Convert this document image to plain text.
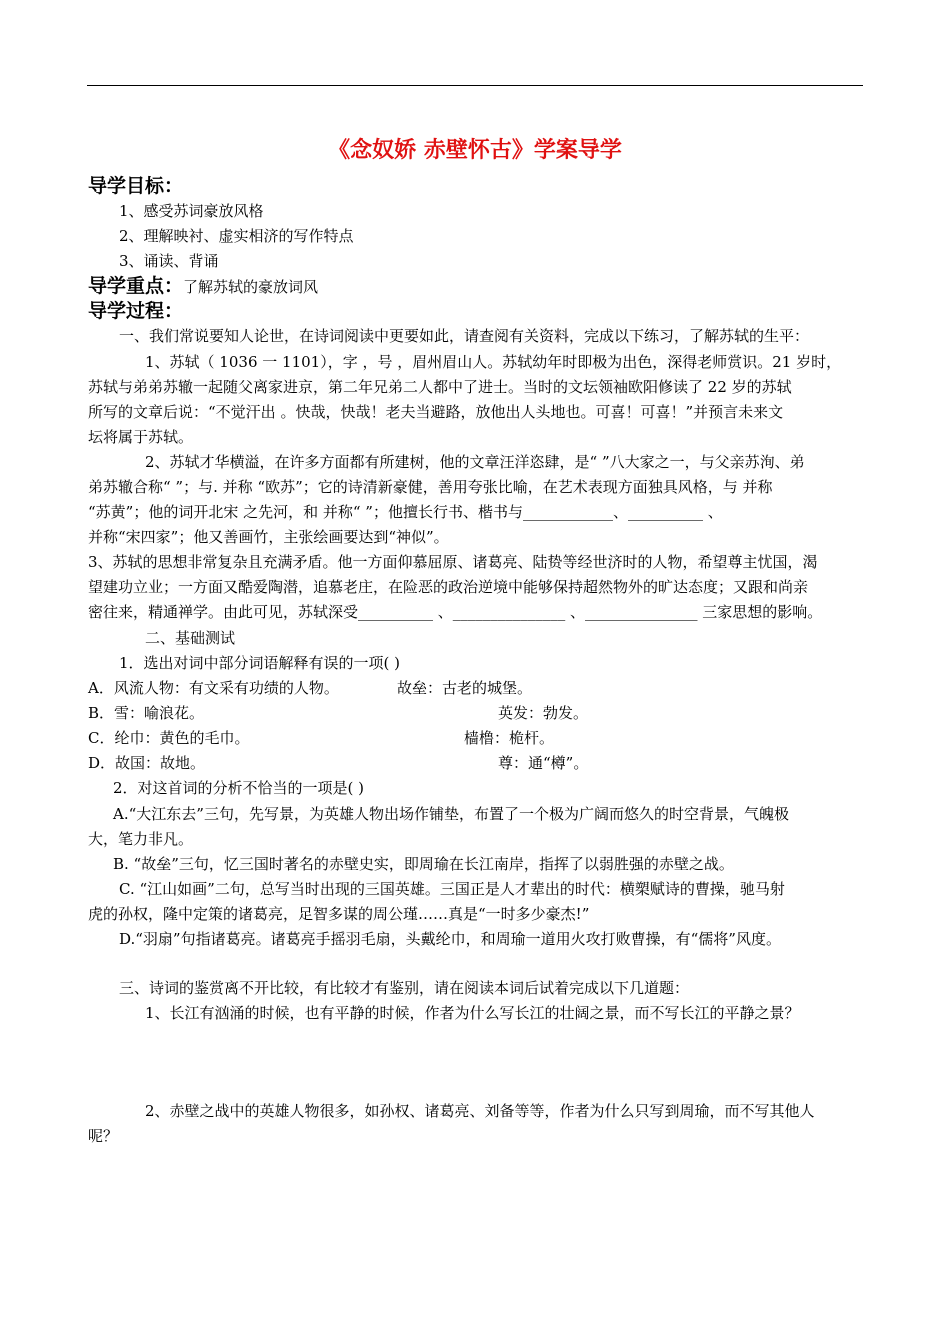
《念奴娇 赤壁怀古》学案导学
导学目标：
1、感受苏词豪放风格
2、理解映衬、虚实相济的写作特点
3、诵读、背诵
导学重点：了解苏轼的豪放词风
导学过程：
一、我们常说要知人论世，在诗词阅读中更要如此，请查阅有关资料，完成以下练习，了解苏轼的生平：
1、苏轼（ 1036 一 1101），字 ，号 ，眉州眉山人。苏轼幼年时即极为出色，深得老师赏识。21 岁时，
苏轼与弟弟苏辙一起随父离家进京，第二年兄弟二人都中了进士。当时的文坛领袖欧阳修读了 22 岁的苏轼
所写的文章后说：“不觉汗出 。快哉，快哉！老夫当避路，放他出人头地也。可喜！可喜！”并预言未来文
坛将属于苏轼。
2、苏轼才华横溢，在许多方面都有所建树，他的文章汪洋恣肆，是“ ”八大家之一，与父亲苏洵、弟
弟苏辙合称“ ”；与. 并称 “欧苏”；它的诗清新豪健，善用夸张比喻，在艺术表现方面独具风格，与 并称
“苏黄”；他的词开北宋 之先河，和 并称“ ”；他擅长行书、楷书与____________、__________ 、
并称“宋四家”；他又善画竹，主张绘画要达到“神似”。
3、苏轼的思想非常复杂且充满矛盾。他一方面仰慕屈原、诸葛亮、陆贽等经世济时的人物，希望尊主忧国，渴
望建功立业；一方面又酷爱陶潜，追慕老庄，在险恶的政治逆境中能够保持超然物外的旷达态度；又跟和尚亲
密往来，精通禅学。由此可见，苏轼深受__________ 、_______________ 、_______________ 三家思想的影响。
二、基础测试
1．选出对词中部分词语解释有误的一项( )
A．风流人物：有文采有功绩的人物。	故垒：古老的城堡。
B．雪：喻浪花。	英发：勃发。
C．纶巾：黄色的毛巾。	樯橹：桅杆。
D．故国：故地。	尊：通“樽”。
2．对这首词的分析不恰当的一项是( )
A.“大江东去”三句，先写景，为英雄人物出场作铺垫，布置了一个极为广阔而悠久的时空背景，气魄极
大，笔力非凡。
B. “故垒”三句，忆三国时著名的赤壁史实，即周瑜在长江南岸，指挥了以弱胜强的赤壁之战。
C. “江山如画”二句，总写当时出现的三国英雄。三国正是人才辈出的时代：横槊赋诗的曹操，驰马射
虎的孙权，隆中定策的诸葛亮，足智多谋的周公瑾……真是“一时多少豪杰!”
D.“羽扇”句指诸葛亮。诸葛亮手摇羽毛扇，头戴纶巾，和周瑜一道用火攻打败曹操，有“儒将”风度。
三、诗词的鉴赏离不开比较，有比较才有鉴别，请在阅读本词后试着完成以下几道题：
1、长江有汹涌的时候，也有平静的时候，作者为什么写长江的壮阔之景，而不写长江的平静之景？
2、赤壁之战中的英雄人物很多，如孙权、诸葛亮、刘备等等，作者为什么只写到周瑜，而不写其他人
呢？
